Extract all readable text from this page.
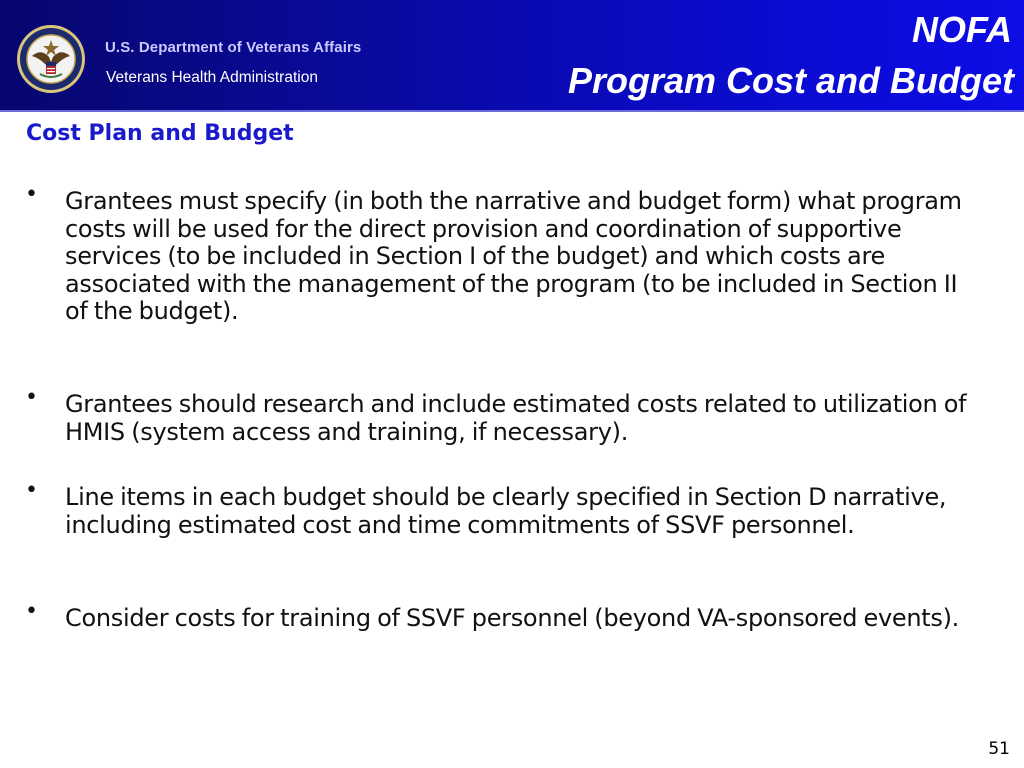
U.S. Department of Veterans Affairs
Veterans Health Administration
NOFA
Program Cost and Budget
Cost Plan and Budget
• Grantees must specify (in both the narrative and budget form) what program costs will be used for the direct provision and coordination of supportive services (to be included in Section I of the budget) and which costs are associated with the management of the program (to be included in Section II of the budget).

• Grantees should research and include estimated costs related to utilization of HMIS (system access and training, if necessary).

• Line items in each budget should be clearly specified in Section D narrative, including estimated cost and time commitments of SSVF personnel.

• Consider costs for training of SSVF personnel (beyond VA-sponsored events).

51
